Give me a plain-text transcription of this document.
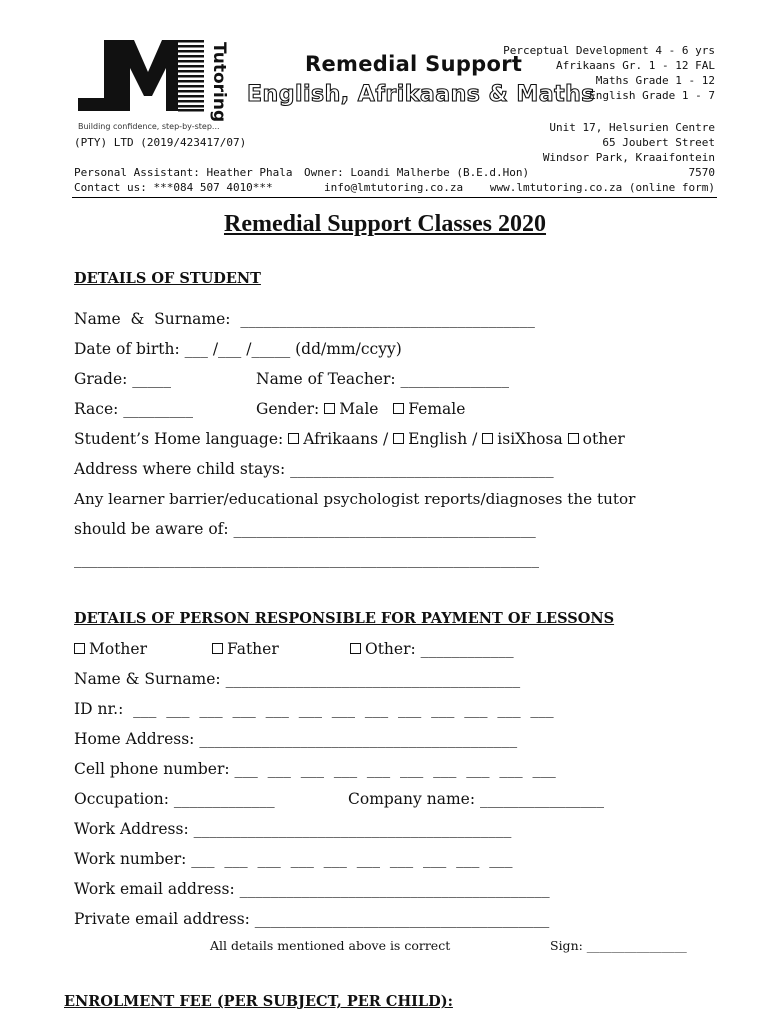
Tutoring
Building confidence, step-by-step...
(PTY) LTD (2019/423417/07)
Remedial Support
English, Afrikaans & Maths
Perceptual Development 4 - 6 yrs
Afrikaans Gr. 1 - 12 FAL
Maths Grade 1 - 12
English Grade 1 - 7
Unit 17, Helsurien Centre
65 Joubert Street
Windsor Park, Kraaifontein
7570
www.lmtutoring.co.za (online form)
Personal Assistant: Heather Phala
Contact us: ***084 507 4010***
Owner: Loandi Malherbe (B.E.d.Hon)
info@lmtutoring.co.za
Remedial Support Classes 2020
DETAILS OF STUDENT
Name  &  Surname:  ______________________________________
Date of birth: ___ /___ /_____ (dd/mm/ccyy)
Grade: _____	Name of Teacher: ______________
Race: _________	Gender: Male Female
Student’s Home language: Afrikaans / English / isiXhosa other
Address where child stays: __________________________________
Any learner barrier/educational psychologist reports/diagnoses the tutor
should be aware of: _______________________________________
____________________________________________________________
DETAILS OF PERSON RESPONSIBLE FOR PAYMENT OF LESSONS
Mother	Father	Other: ____________
Name & Surname: ______________________________________
ID nr.:  ___  ___  ___  ___  ___  ___  ___  ___  ___  ___  ___  ___  ___
Home Address: _________________________________________
Cell phone number: ___  ___  ___  ___  ___  ___  ___  ___  ___  ___
Occupation: _____________	Company name: ________________
Work Address: _________________________________________
Work number: ___  ___  ___  ___  ___  ___  ___  ___  ___  ___
Work email address: ________________________________________
Private email address: ______________________________________
All details mentioned above is correct	Sign: ________________
ENROLMENT FEE (PER SUBJECT, PER CHILD):
